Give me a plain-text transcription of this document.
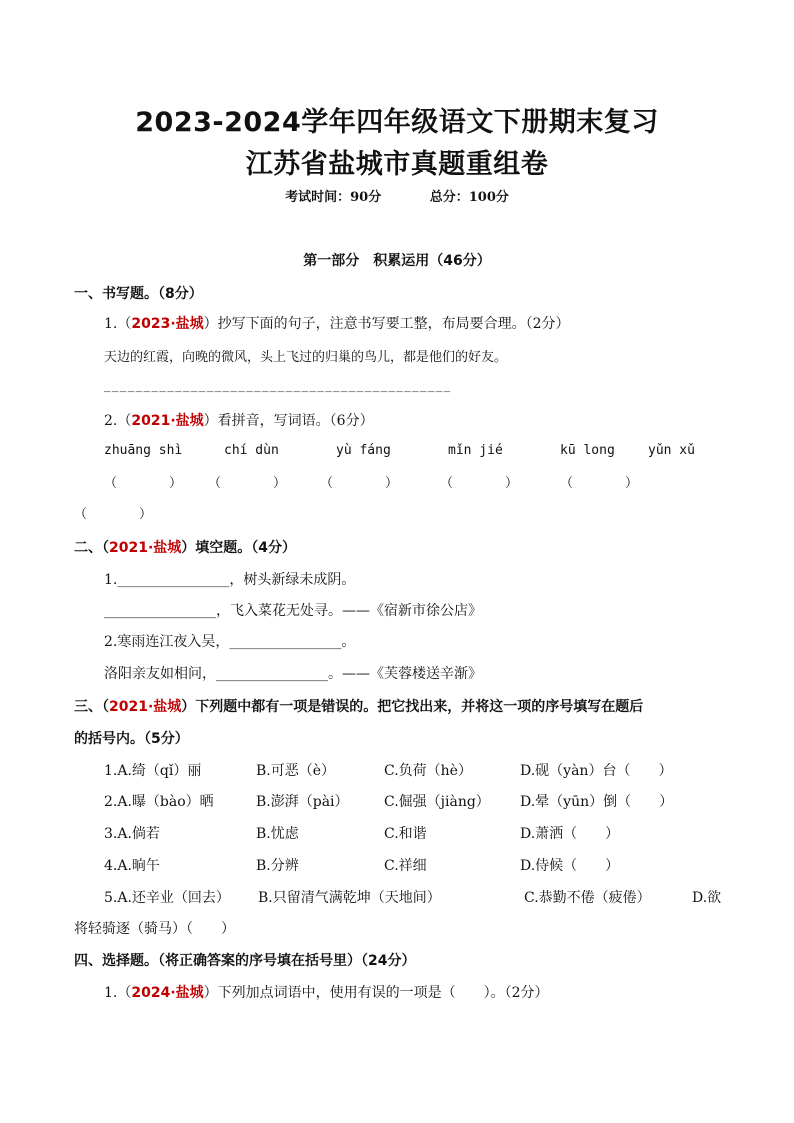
2023-2024学年四年级语文下册期末复习
江苏省盐城市真题重组卷
考试时间：90分	总分：100分
第一部分　积累运用（46分）
一、书写题。（8分）
1.（2023·盐城）抄写下面的句子，注意书写要工整，布局要合理。（2分）
天边的红霞，向晚的微风，头上飞过的归巢的鸟儿，都是他们的好友。
____________________________________________
2.（2021·盐城）看拼音，写词语。（6分）
zhuāng shì	chí dùn	yù fáng	mǐn jié	kū long	yǔn xǔ
（　　　　） （　　　　）	（　　　　）	（　　　　）	（　　　　）
（　　　　）
二、（2021·盐城）填空题。（4分）
1.________________，树头新绿未成阴。
________________，飞入菜花无处寻。——《宿新市徐公店》
2.寒雨连江夜入吴，________________。
洛阳亲友如相问，________________。——《芙蓉楼送辛渐》
三、（2021·盐城）下列题中都有一项是错误的。把它找出来，并将这一项的序号填写在题后
的括号内。（5分）
1.A.绮（qǐ）丽	B.可恶（è）	C.负荷（hè）	D.砚（yàn）台（　　）
2.A.曝（bào）晒	B.澎湃（pài）	C.倔强（jiàng） D.晕（yūn）倒（　　）
3.A.倘若	B.忧虑	C.和谐	D.萧洒（　　）
4.A.晌午	B.分辨	C.祥细	D.侍候（　　）
5.A.还辛业（回去） B.只留清气满乾坤（天地间）	C.恭勤不倦（疲倦）	D.欲
将轻骑逐（骑马）（　　）
四、选择题。（将正确答案的序号填在括号里）（24分）
1.（2024·盐城）下列加点词语中，使用有误的一项是（　　）。（2分）
